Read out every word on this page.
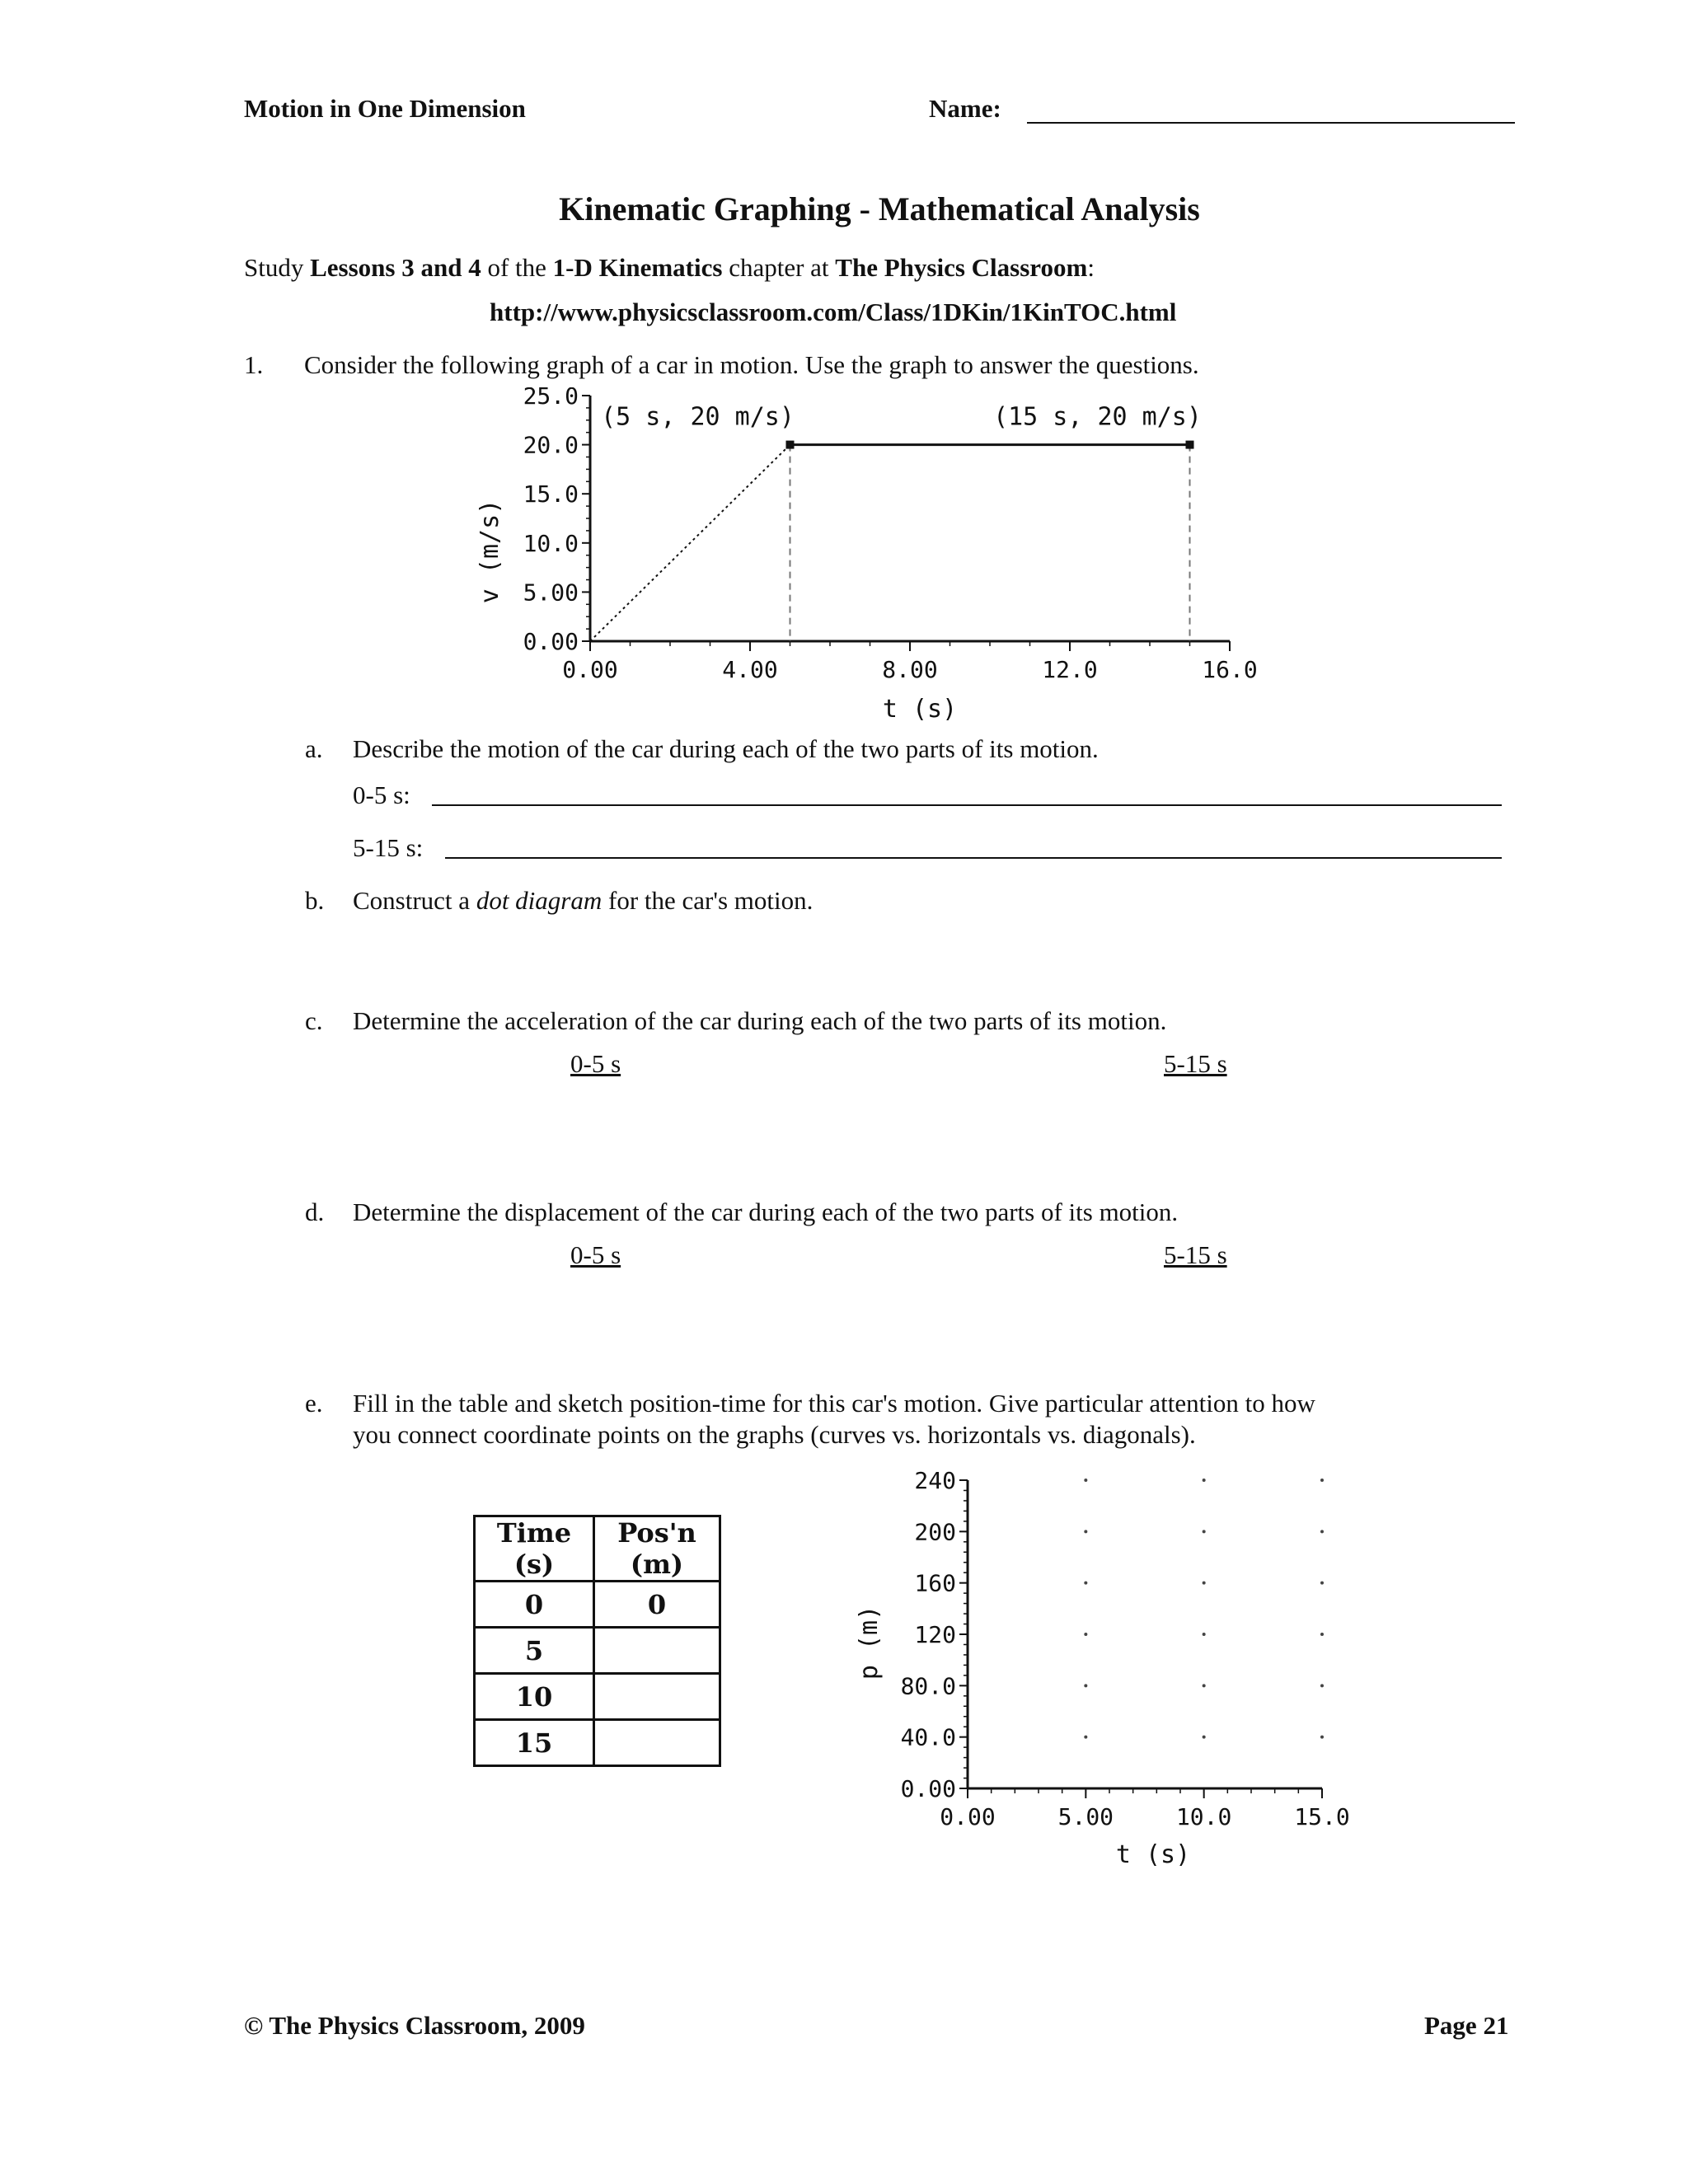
Motion in One Dimension	Name:
Kinematic Graphing - Mathematical Analysis
Study Lessons 3 and 4 of the 1-D Kinematics chapter at The Physics Classroom:
http://www.physicsclassroom.com/Class/1DKin/1KinTOC.html
1. Consider the following graph of a car in motion. Use the graph to answer the questions.
0.00
5.00
10.0
15.0
20.0
25.0
0.00	4.00	8.00	12.0	16.0
(5 s, 20 m/s)	(15 s, 20 m/s)
t (s)
v (m/s)
a. Describe the motion of the car during each of the two parts of its motion.
0-5 s:
5-15 s:
b. Construct a dot diagram for the car's motion.
c. Determine the acceleration of the car during each of the two parts of its motion.
0-5 s	5-15 s
d. Determine the displacement of the car during each of the two parts of its motion.
0-5 s	5-15 s
e. Fill in the table and sketch position-time for this car's motion. Give particular attention to how
you connect coordinate points on the graphs (curves vs. horizontals vs. diagonals).
Time (s)	Pos'n (m)
0	0
5	
10	
15	
0.00
40.0
80.0
120
160
200
240
0.00	5.00	10.0	15.0
t (s)
p (m)
© The Physics Classroom, 2009	Page 21
